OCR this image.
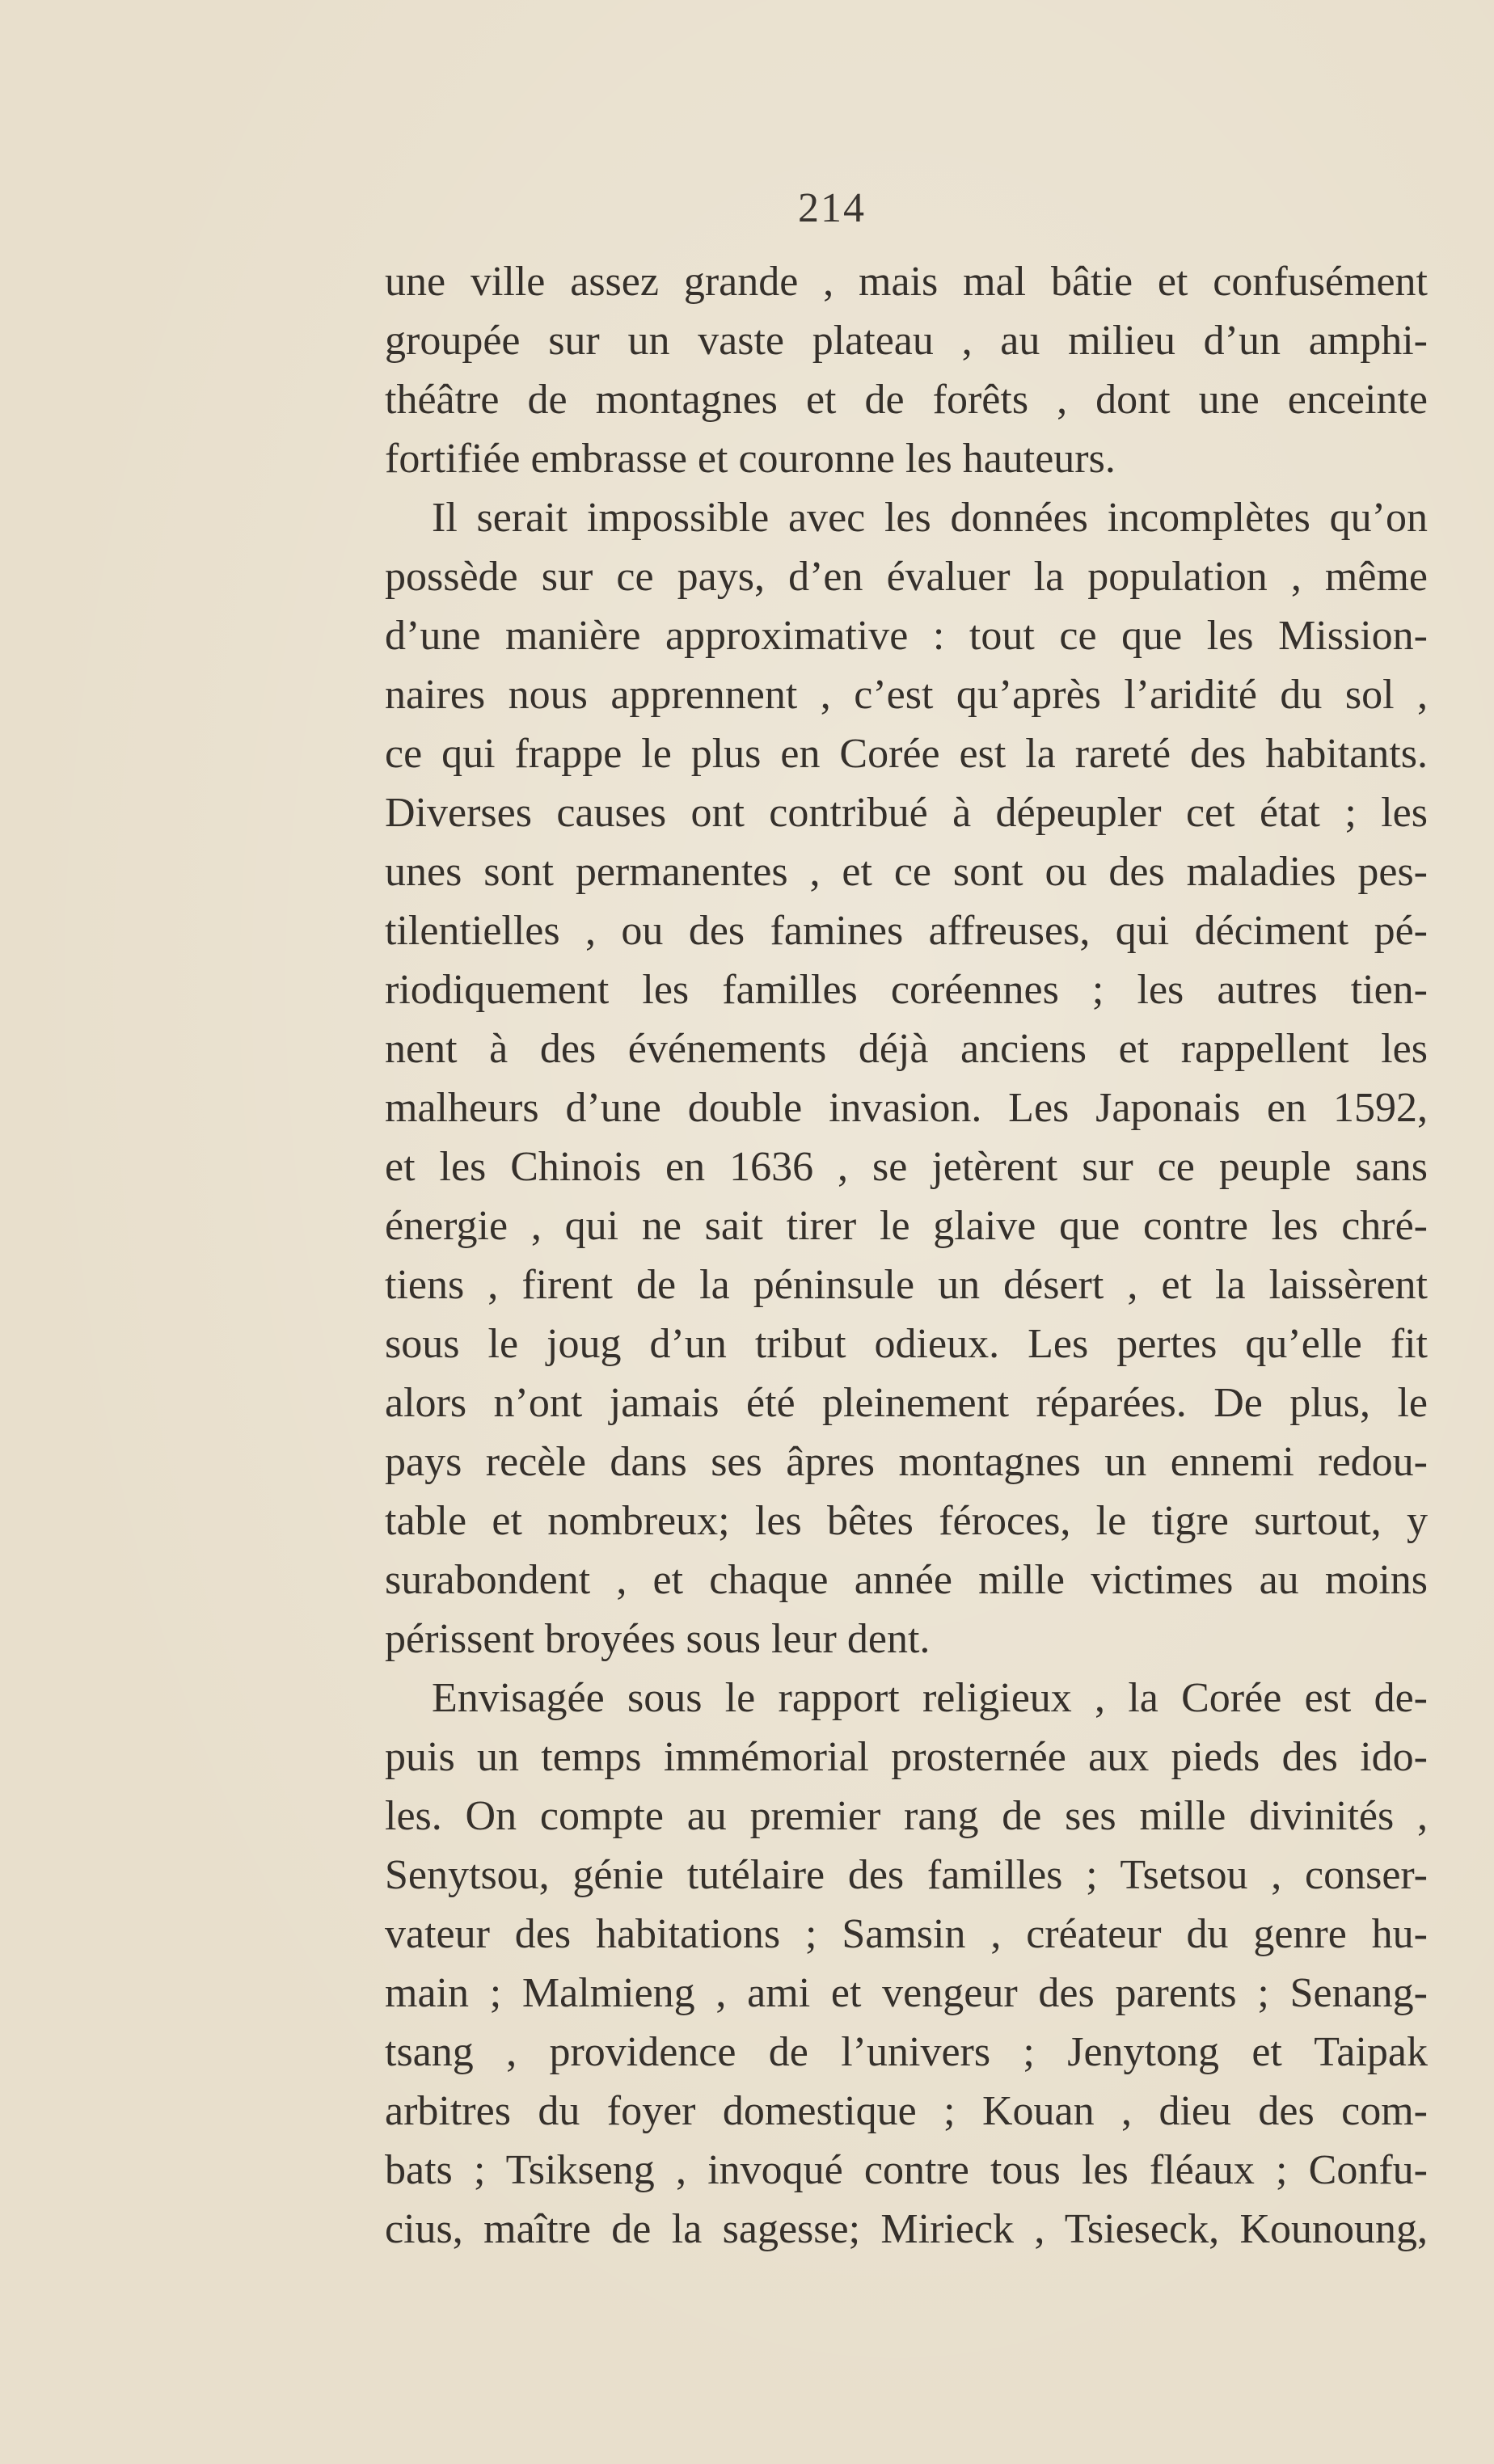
214
une ville assez grande , mais mal bâtie et confusément
groupée sur un vaste plateau , au milieu d’un amphi-
théâtre de montagnes et de forêts , dont une enceinte
fortifiée embrasse et couronne les hauteurs.
Il serait impossible avec les données incomplètes qu’on
possède sur ce pays, d’en évaluer la population , même
d’une manière approximative : tout ce que les Mission-
naires nous apprennent , c’est qu’après l’aridité du sol ,
ce qui frappe le plus en Corée est la rareté des habitants.
Diverses causes ont contribué à dépeupler cet état ; les
unes sont permanentes , et ce sont ou des maladies pes-
tilentielles , ou des famines affreuses, qui déciment pé-
riodiquement les familles coréennes ; les autres tien-
nent à des événements déjà anciens et rappellent les
malheurs d’une double invasion. Les Japonais en 1592,
et les Chinois en 1636 , se jetèrent sur ce peuple sans
énergie , qui ne sait tirer le glaive que contre les chré-
tiens , firent de la péninsule un désert , et la laissèrent
sous le joug d’un tribut odieux. Les pertes qu’elle fit
alors n’ont jamais été pleinement réparées. De plus, le
pays recèle dans ses âpres montagnes un ennemi redou-
table et nombreux; les bêtes féroces, le tigre surtout, y
surabondent , et chaque année mille victimes au moins
périssent broyées sous leur dent.
Envisagée sous le rapport religieux , la Corée est de-
puis un temps immémorial prosternée aux pieds des ido-
les. On compte au premier rang de ses mille divinités ,
Senytsou, génie tutélaire des familles ; Tsetsou , conser-
vateur des habitations ; Samsin , créateur du genre hu-
main ; Malmieng , ami et vengeur des parents ; Senang-
tsang , providence de l’univers ; Jenytong et Taipak
arbitres du foyer domestique ; Kouan , dieu des com-
bats ; Tsikseng , invoqué contre tous les fléaux ; Confu-
cius, maître de la sagesse; Mirieck , Tsieseck, Kounoung,
